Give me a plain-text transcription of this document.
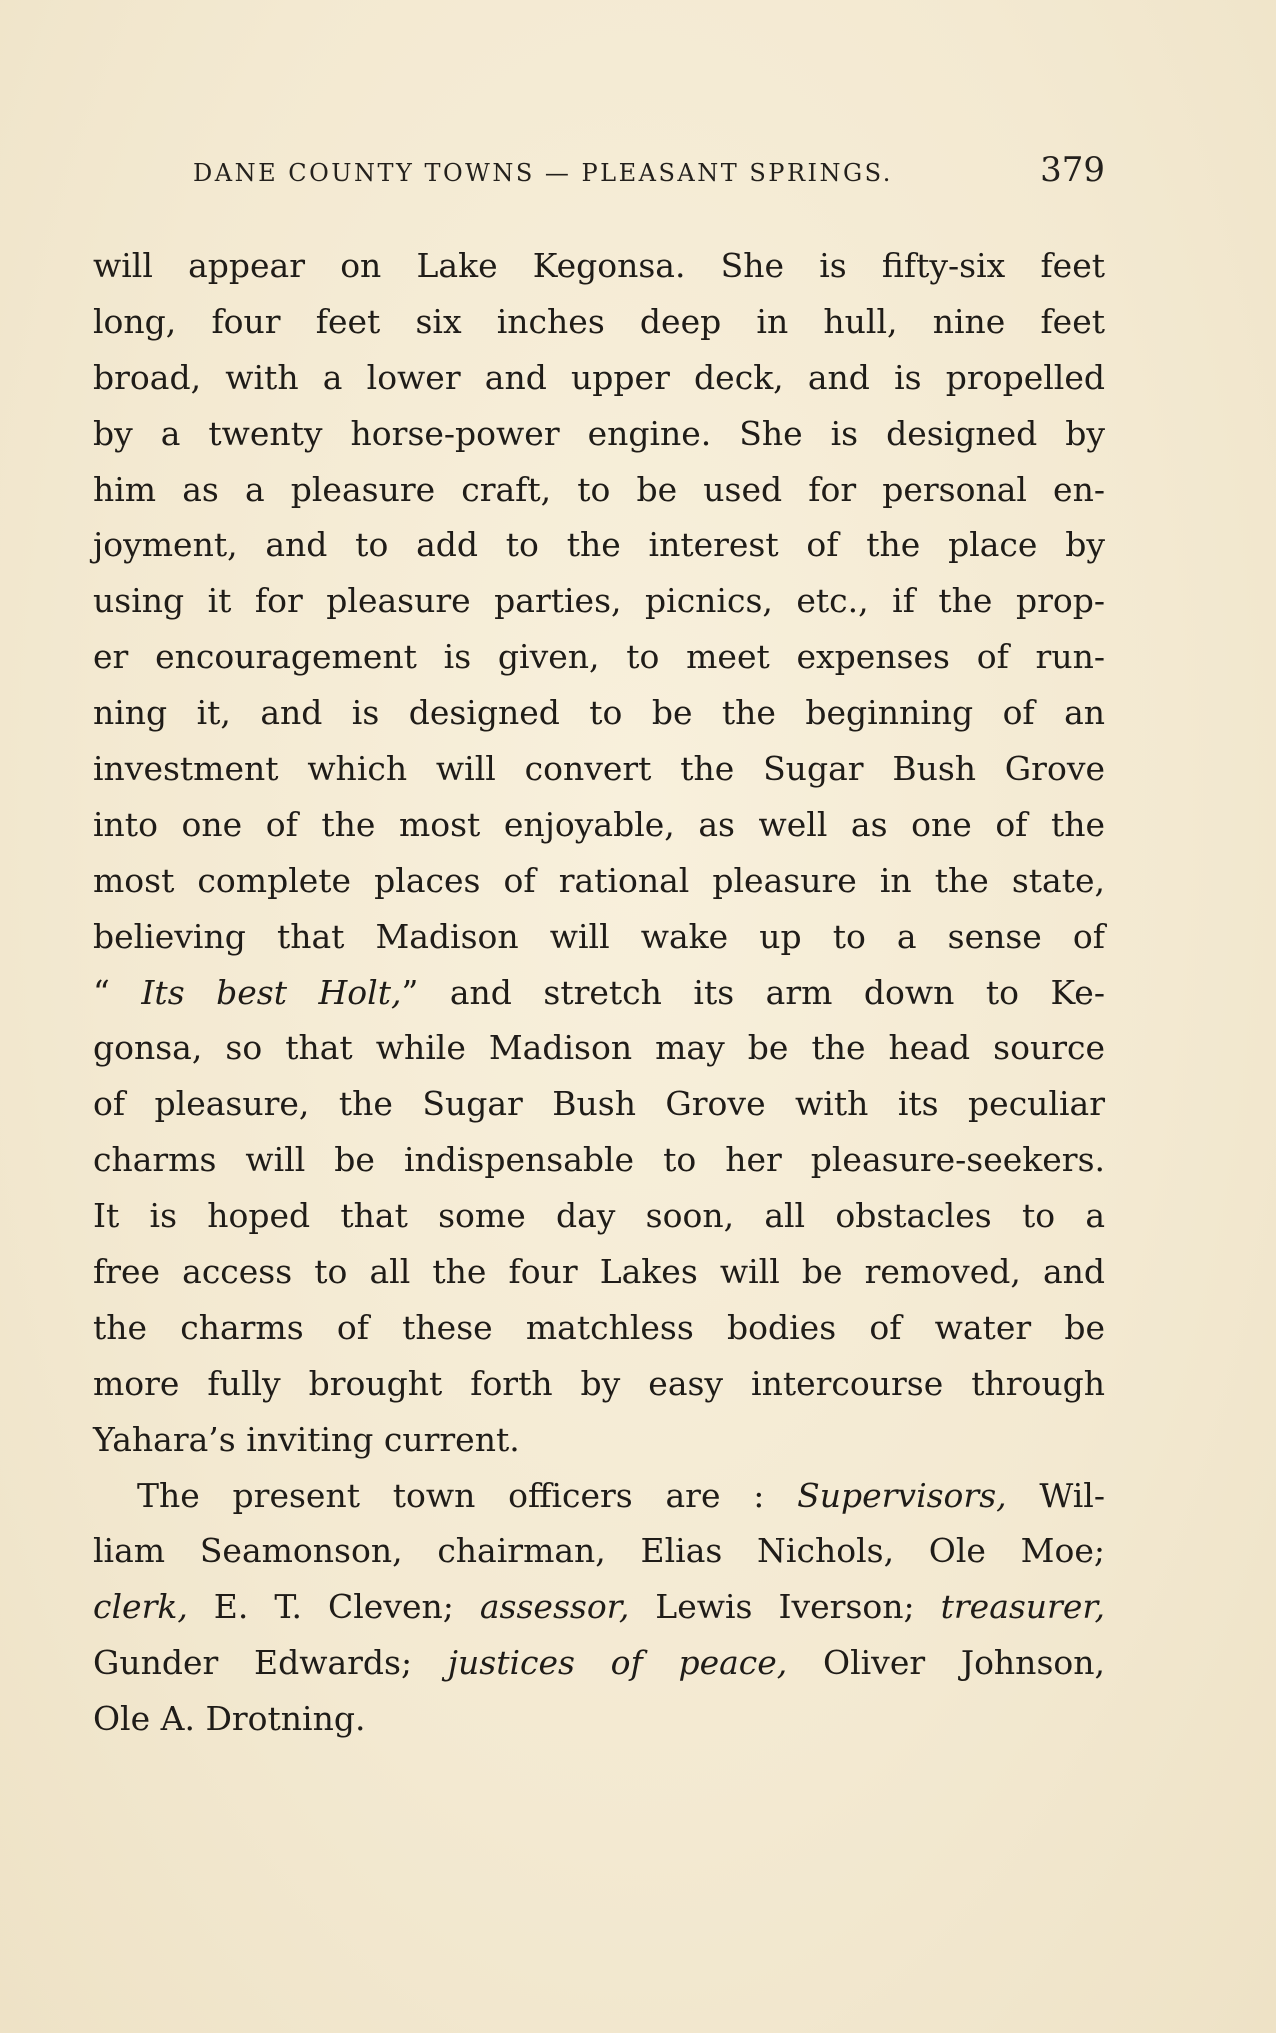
DANE COUNTY TOWNS — PLEASANT SPRINGS.	379
will appear on Lake Kegonsa. She is fifty-six feet
long, four feet six inches deep in hull, nine feet
broad, with a lower and upper deck, and is propelled
by a twenty horse-power engine. She is designed by
him as a pleasure craft, to be used for personal en-
joyment, and to add to the interest of the place by
using it for pleasure parties, picnics, etc., if the prop-
er encouragement is given, to meet expenses of run-
ning it, and is designed to be the beginning of an
investment which will convert the Sugar Bush Grove
into one of the most enjoyable, as well as one of the
most complete places of rational pleasure in the state,
believing that Madison will wake up to a sense of
“ Its best Holt,” and stretch its arm down to Ke-
gonsa, so that while Madison may be the head source
of pleasure, the Sugar Bush Grove with its peculiar
charms will be indispensable to her pleasure-seekers.
It is hoped that some day soon, all obstacles to a
free access to all the four Lakes will be removed, and
the charms of these matchless bodies of water be
more fully brought forth by easy intercourse through
Yahara’s inviting current.
The present town officers are : Supervisors, Wil-
liam Seamonson, chairman, Elias Nichols, Ole Moe;
clerk, E. T. Cleven; assessor, Lewis Iverson; treasurer,
Gunder Edwards; justices of peace, Oliver Johnson,
Ole A. Drotning.
